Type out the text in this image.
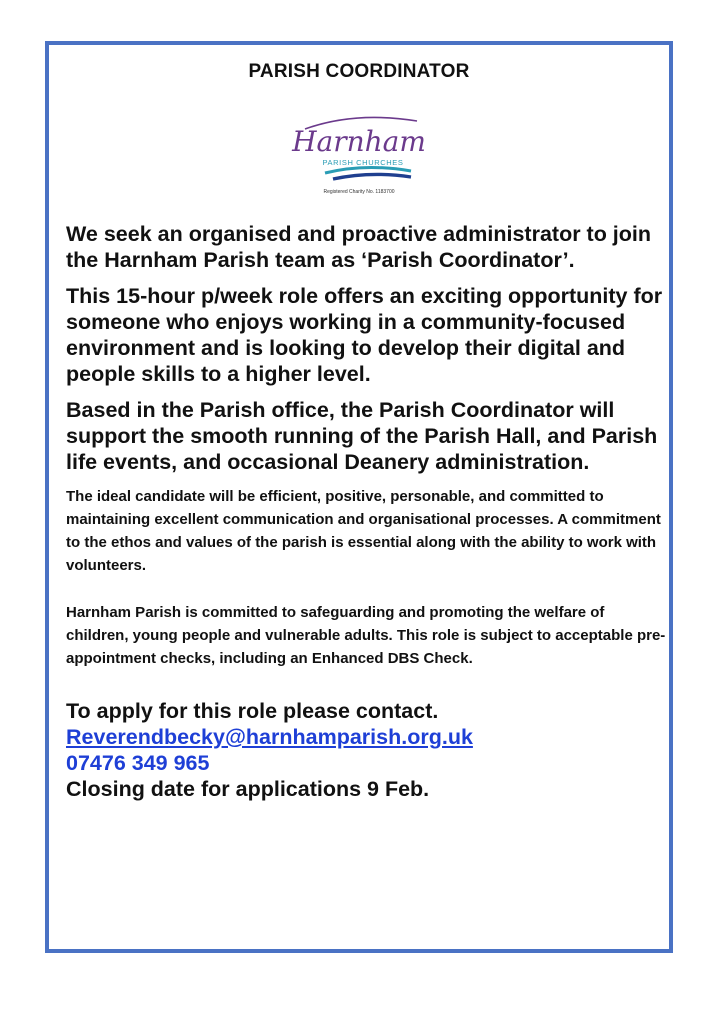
PARISH COORDINATOR
Harnham
PARISH CHURCHES
Registered Charity No. 1183700

We seek an organised and proactive administrator to join the Harnham Parish team as ‘Parish Coordinator’.

This 15-hour p/week role offers an exciting opportunity for someone who enjoys working in a community-focused environment and is looking to develop their digital and people skills to a higher level.

Based in the Parish office, the Parish Coordinator will support the smooth running of the Parish Hall, and Parish life events, and occasional Deanery administration.

The ideal candidate will be efficient, positive, personable, and committed to maintaining excellent communication and organisational processes. A commitment to the ethos and values of the parish is essential along with the ability to work with volunteers.

Harnham Parish is committed to safeguarding and promoting the welfare of children, young people and vulnerable adults. This role is subject to acceptable pre-appointment checks, including an Enhanced DBS Check.

To apply for this role please contact.
Reverendbecky@harnhamparish.org.uk
07476 349 965
Closing date for applications 9 Feb.
